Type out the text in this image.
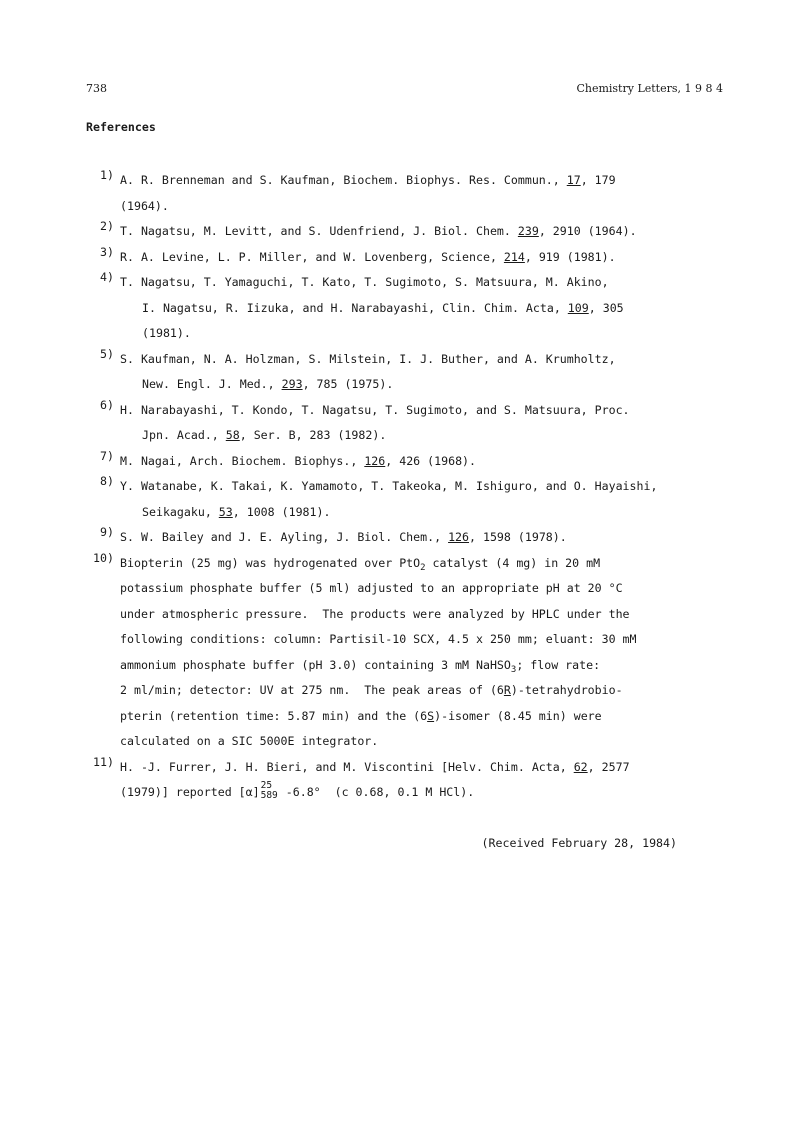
738	Chemistry Letters, 1 9 8 4
References
1) A. R. Brenneman and S. Kaufman, Biochem. Biophys. Res. Commun., 17, 179
(1964).
2) T. Nagatsu, M. Levitt, and S. Udenfriend, J. Biol. Chem. 239, 2910 (1964).
3) R. A. Levine, L. P. Miller, and W. Lovenberg, Science, 214, 919 (1981).
4) T. Nagatsu, T. Yamaguchi, T. Kato, T. Sugimoto, S. Matsuura, M. Akino,
I. Nagatsu, R. Iizuka, and H. Narabayashi, Clin. Chim. Acta, 109, 305
(1981).
5) S. Kaufman, N. A. Holzman, S. Milstein, I. J. Buther, and A. Krumholtz,
New. Engl. J. Med., 293, 785 (1975).
6) H. Narabayashi, T. Kondo, T. Nagatsu, T. Sugimoto, and S. Matsuura, Proc.
Jpn. Acad., 58, Ser. B, 283 (1982).
7) M. Nagai, Arch. Biochem. Biophys., 126, 426 (1968).
8) Y. Watanabe, K. Takai, K. Yamamoto, T. Takeoka, M. Ishiguro, and O. Hayaishi,
Seikagaku, 53, 1008 (1981).
9) S. W. Bailey and J. E. Ayling, J. Biol. Chem., 126, 1598 (1978).
10) Biopterin (25 mg) was hydrogenated over PtO$_2$ catalyst (4 mg) in 20 mM
potassium phosphate buffer (5 ml) adjusted to an appropriate pH at 20 °C
under atmospheric pressure.  The products were analyzed by HPLC under the
following conditions: column: Partisil-10 SCX, 4.5 x 250 mm; eluant: 30 mM
ammonium phosphate buffer (pH 3.0) containing 3 mM NaHSO$_3$; flow rate:
2 ml/min; detector: UV at 275 nm.  The peak areas of (6R)-tetrahydrobio-
pterin (retention time: 5.87 min) and the (6S)-isomer (8.45 min) were
calculated on a SIC 5000E integrator.
11) H. -J. Furrer, J. H. Bieri, and M. Viscontini [Helv. Chim. Acta, 62, 2577
(1979)] reported [α] 25
589 -6.8°  (c 0.68, 0.1 M HCl).
(Received February 28, 1984)
